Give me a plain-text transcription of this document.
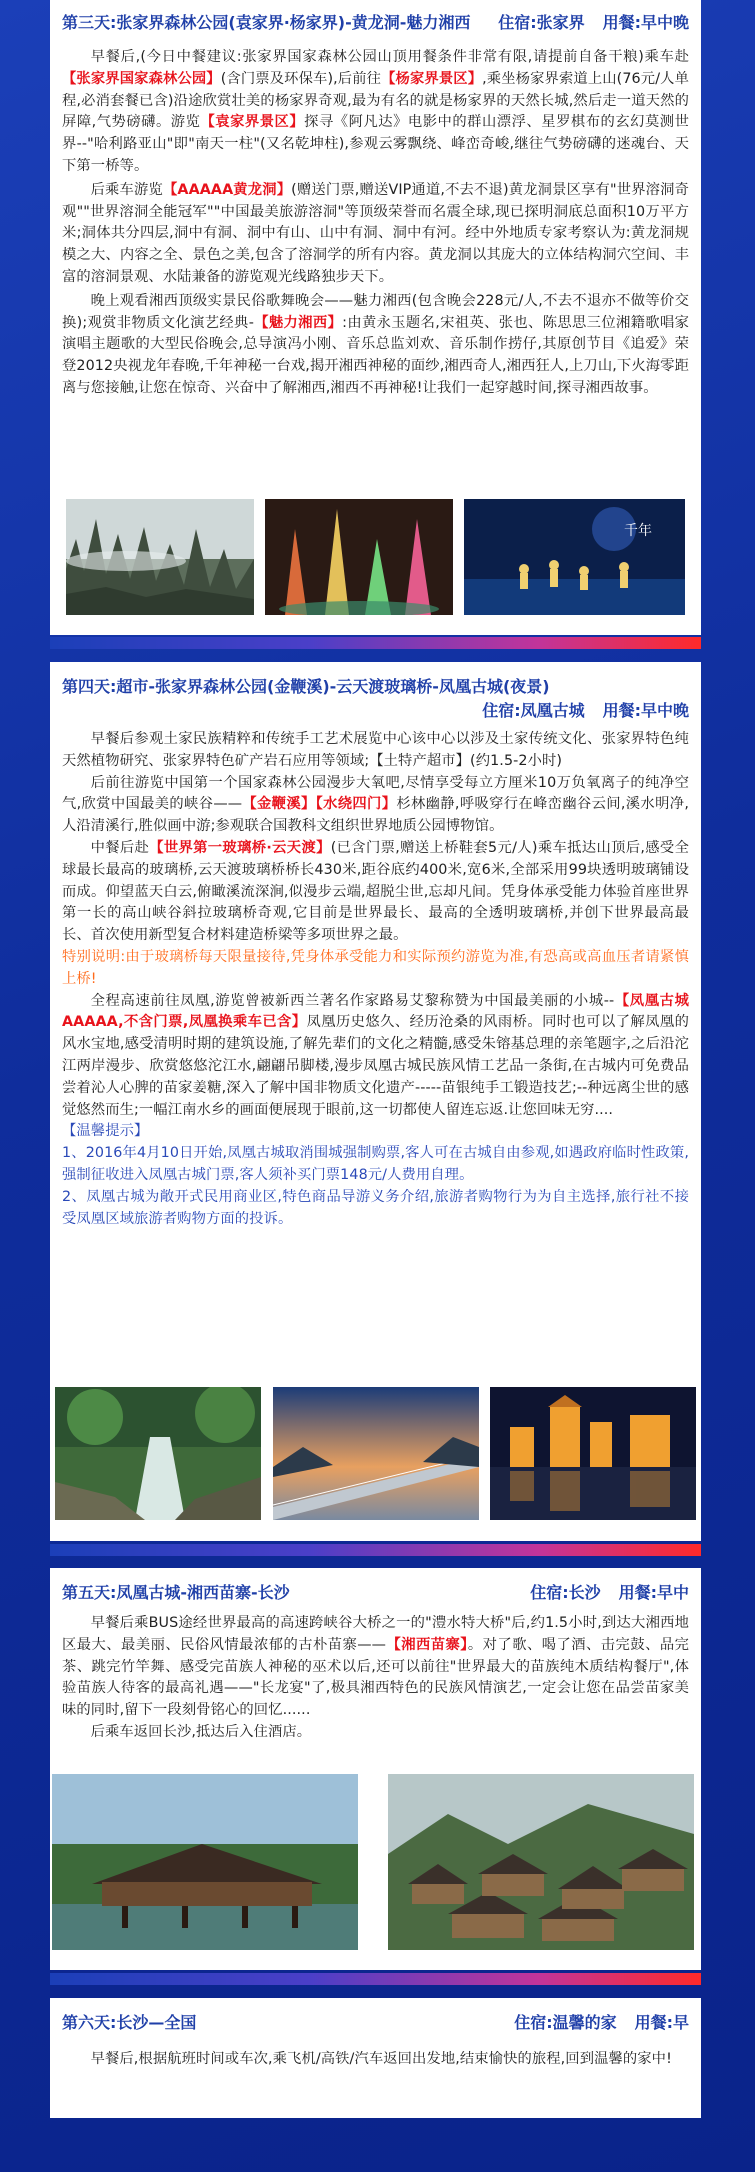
第三天:张家界森林公园(袁家界·杨家界)-黄龙洞-魅力湘西	住宿:张家界 用餐:早中晚

早餐后,(今日中餐建议:张家界国家森林公园山顶用餐条件非常有限,请提前自备干粮)乘车赴【张家界国家森林公园】(含门票及环保车),后前往【杨家界景区】,乘坐杨家界索道上山(76元/人单程,必消套餐已含)沿途欣赏壮美的杨家界奇观,最为有名的就是杨家界的天然长城,然后走一道天然的屏障,气势磅礴。游览【袁家界景区】探寻《阿凡达》电影中的群山漂浮、星罗棋布的玄幻莫测世界--"哈利路亚山"即"南天一柱"(又名乾坤柱),参观云雾飘绕、峰峦奇峻,继往气势磅礴的迷魂台、天下第一桥等。

后乘车游览【AAAAA黄龙洞】(赠送门票,赠送VIP通道,不去不退)黄龙洞景区享有"世界溶洞奇观""世界溶洞全能冠军""中国最美旅游溶洞"等顶级荣誉而名震全球,现已探明洞底总面积10万平方米;洞体共分四层,洞中有洞、洞中有山、山中有洞、洞中有河。经中外地质专家考察认为:黄龙洞规模之大、内容之全、景色之美,包含了溶洞学的所有内容。黄龙洞以其庞大的立体结构洞穴空间、丰富的溶洞景观、水陆兼备的游览观光线路独步天下。

晚上观看湘西顶级实景民俗歌舞晚会——魅力湘西(包含晚会228元/人,不去不退亦不做等价交换);观赏非物质文化演艺经典-【魅力湘西】:由黄永玉题名,宋祖英、张也、陈思思三位湘籍歌唱家演唱主题歌的大型民俗晚会,总导演冯小刚、音乐总监刘欢、音乐制作捞仔,其原创节目《追爱》荣登2012央视龙年春晚,千年神秘一台戏,揭开湘西神秘的面纱,湘西奇人,湘西狂人,上刀山,下火海零距离与您接触,让您在惊奇、兴奋中了解湘西,湘西不再神秘!让我们一起穿越时间,探寻湘西故事。

千年
第四天:超市-张家界森林公园(金鞭溪)-云天渡玻璃桥-凤凰古城(夜景)
住宿:凤凰古城 用餐:早中晚

早餐后参观土家民族精粹和传统手工艺术展览中心该中心以涉及土家传统文化、张家界特色纯天然植物研究、张家界特色矿产岩石应用等领域;【土特产超市】(约1.5-2小时)

后前往游览中国第一个国家森林公园漫步大氧吧,尽情享受每立方厘米10万负氧离子的纯净空气,欣赏中国最美的峡谷——【金鞭溪】【水绕四门】杉林幽静,呼吸穿行在峰峦幽谷云间,溪水明净,人沿清溪行,胜似画中游;参观联合国教科文组织世界地质公园博物馆。

中餐后赴【世界第一玻璃桥·云天渡】(已含门票,赠送上桥鞋套5元/人)乘车抵达山顶后,感受全球最长最高的玻璃桥,云天渡玻璃桥桥长430米,距谷底约400米,宽6米,全部采用99块透明玻璃铺设而成。仰望蓝天白云,俯瞰溪流深涧,似漫步云端,超脱尘世,忘却凡间。凭身体承受能力体验首座世界第一长的高山峡谷斜拉玻璃桥奇观,它目前是世界最长、最高的全透明玻璃桥,并创下世界最高最长、首次使用新型复合材料建造桥梁等多项世界之最。

特别说明:由于玻璃桥每天限量接待,凭身体承受能力和实际预约游览为准,有恐高或高血压者请紧慎上桥!

全程高速前往凤凰,游览曾被新西兰著名作家路易艾黎称赞为中国最美丽的小城--【凤凰古城AAAAA,不含门票,凤凰换乘车已含】凤凰历史悠久、经历沧桑的风雨桥。同时也可以了解凤凰的风水宝地,感受清明时期的建筑设施,了解先辈们的文化之精髓,感受朱镕基总理的亲笔题字,之后沿沱江两岸漫步、欣赏悠悠沱江水,翩翩吊脚楼,漫步凤凰古城民族风情工艺品一条街,在古城内可免费品尝着沁人心脾的苗家姜糖,深入了解中国非物质文化遗产-----苗银纯手工锻造技艺;--种远离尘世的感觉悠然而生;一幅江南水乡的画面便展现于眼前,这一切都使人留连忘返.让您回味无穷....

【温馨提示】

1、2016年4月10日开始,凤凰古城取消围城强制购票,客人可在古城自由参观,如遇政府临时性政策,强制征收进入凤凰古城门票,客人须补买门票148元/人费用自理。

2、凤凰古城为敞开式民用商业区,特色商品导游义务介绍,旅游者购物行为为自主选择,旅行社不接受凤凰区域旅游者购物方面的投诉。

第五天:凤凰古城-湘西苗寨-长沙	住宿:长沙 用餐:早中

早餐后乘BUS途经世界最高的高速跨峡谷大桥之一的"澧水特大桥"后,约1.5小时,到达大湘西地区最大、最美丽、民俗风情最浓郁的古朴苗寨——【湘西苗寨】。对了歌、喝了酒、击完鼓、品完茶、跳完竹竿舞、感受完苗族人神秘的巫术以后,还可以前往"世界最大的苗族纯木质结构餐厅",体验苗族人待客的最高礼遇——"长龙宴"了,极具湘西特色的民族风情演艺,一定会让您在品尝苗家美味的同时,留下一段刻骨铭心的回忆......

后乘车返回长沙,抵达后入住酒店。

第六天:长沙—全国	住宿:温馨的家 用餐:早

早餐后,根据航班时间或车次,乘飞机/高铁/汽车返回出发地,结束愉快的旅程,回到温馨的家中!
